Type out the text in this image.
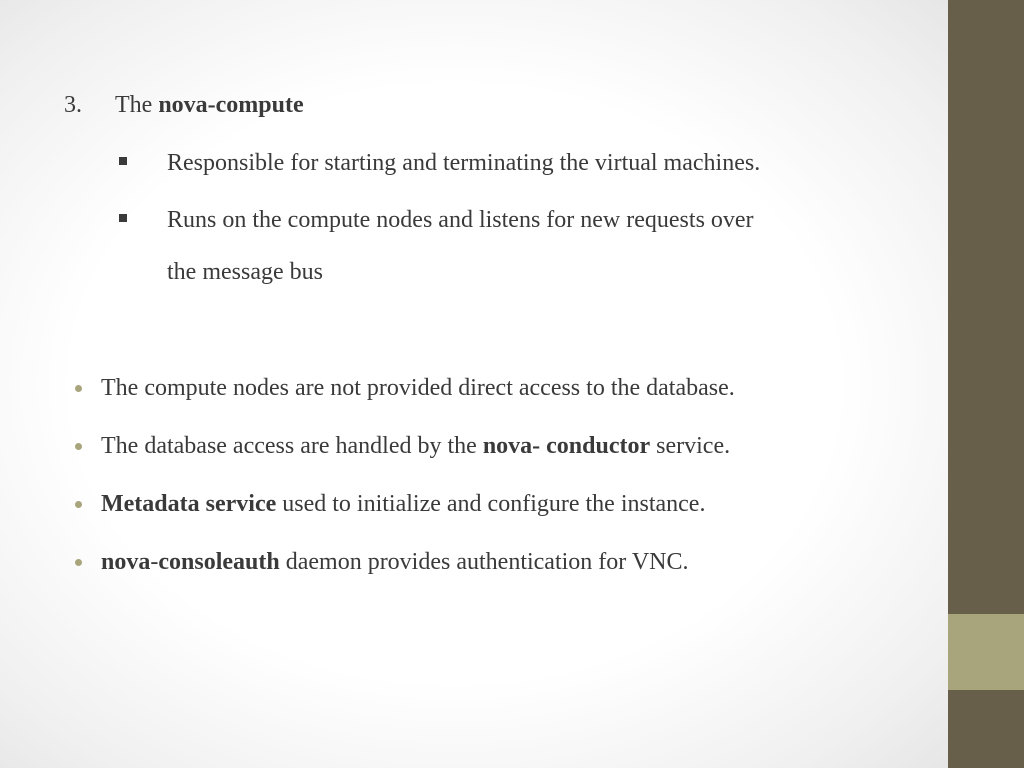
3. The nova-compute
Responsible for starting and terminating the virtual machines.
Runs on the compute nodes and listens for new requests over
the message bus
The compute nodes are not provided direct access to the database.
The database access are handled by the nova- conductor service.
Metadata service used to initialize and configure the instance.
nova-consoleauth daemon provides authentication for VNC.
